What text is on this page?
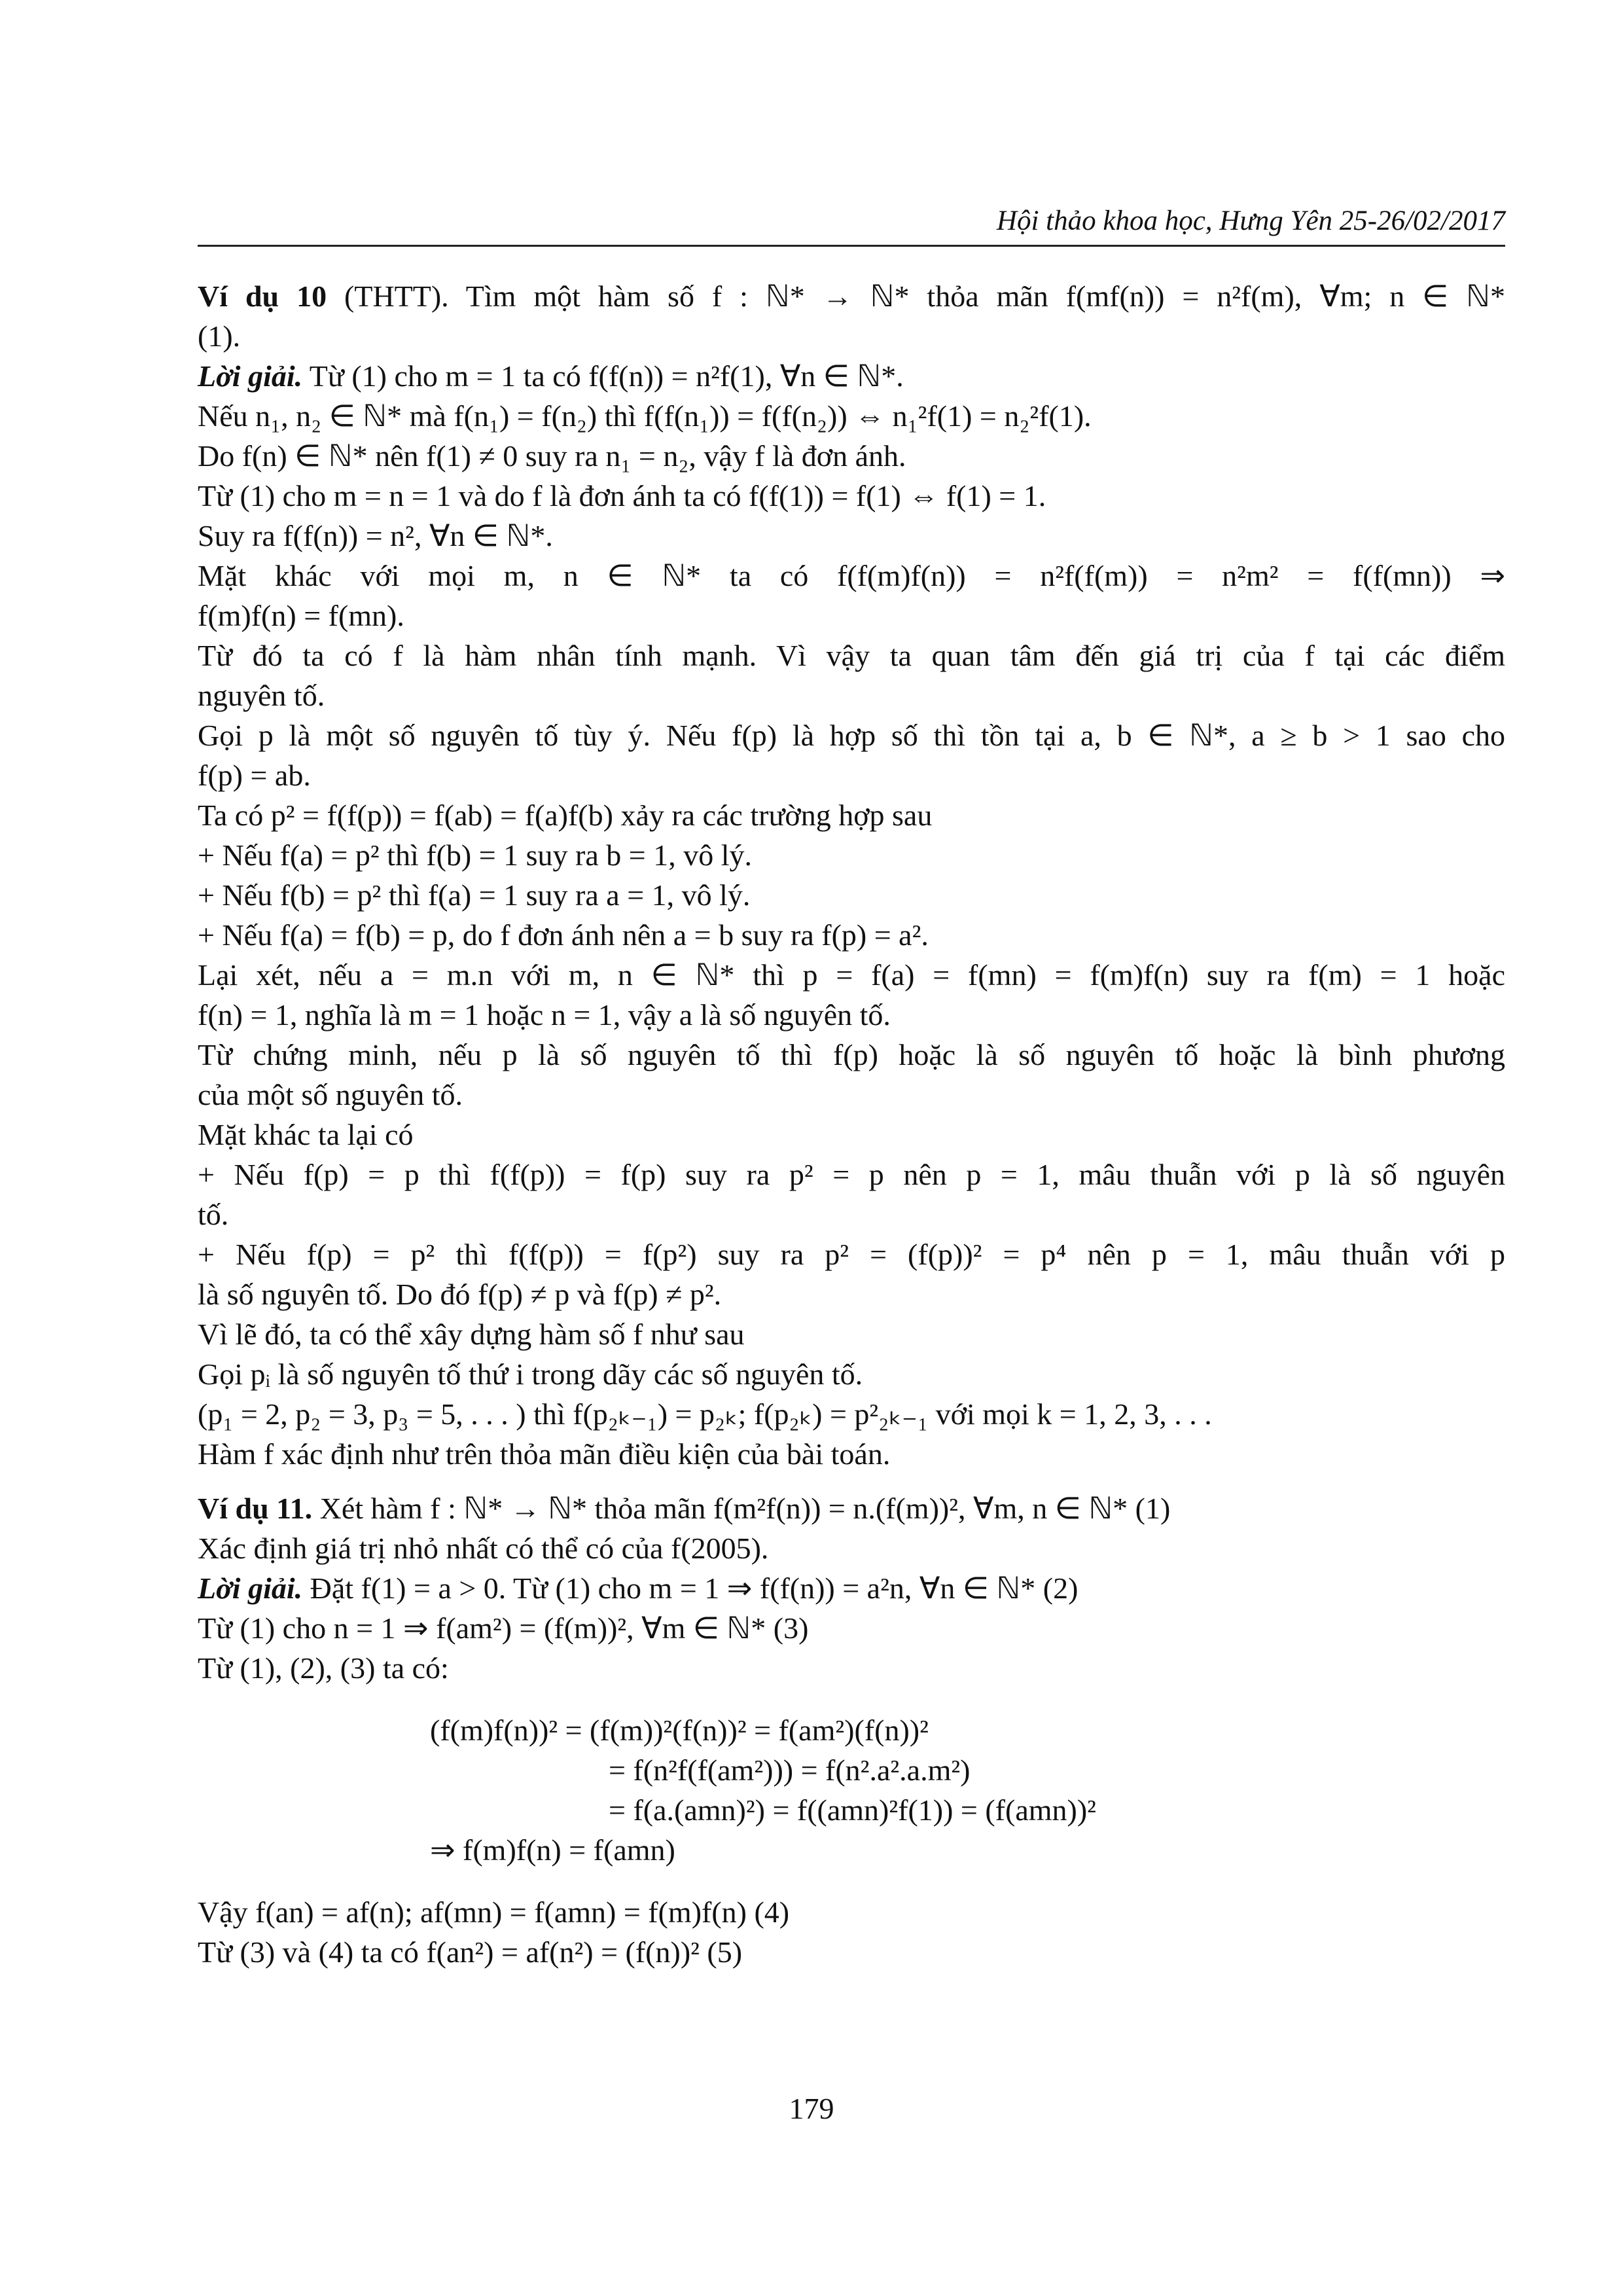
Hội thảo khoa học, Hưng Yên 25-26/02/2017
Ví dụ 10 (THTT). Tìm một hàm số f : ℕ* → ℕ* thỏa mãn f(mf(n)) = n²f(m), ∀m; n ∈ ℕ*
(1).
Lời giải. Từ (1) cho m = 1 ta có f(f(n)) = n²f(1), ∀n ∈ ℕ*.
Nếu n₁, n₂ ∈ ℕ* mà f(n₁) = f(n₂) thì f(f(n₁)) = f(f(n₂)) ⇔ n₁²f(1) = n₂²f(1).
Do f(n) ∈ ℕ* nên f(1) ≠ 0 suy ra n₁ = n₂, vậy f là đơn ánh.
Từ (1) cho m = n = 1 và do f là đơn ánh ta có f(f(1)) = f(1) ⇔ f(1) = 1.
Suy ra f(f(n)) = n², ∀n ∈ ℕ*.
Mặt khác với mọi m, n ∈ ℕ* ta có f(f(m)f(n)) = n²f(f(m)) = n²m² = f(f(mn)) ⇒
f(m)f(n) = f(mn).
Từ đó ta có f là hàm nhân tính mạnh. Vì vậy ta quan tâm đến giá trị của f tại các điểm
nguyên tố.
Gọi p là một số nguyên tố tùy ý. Nếu f(p) là hợp số thì tồn tại a, b ∈ ℕ*, a ≥ b > 1 sao cho
f(p) = ab.
Ta có p² = f(f(p)) = f(ab) = f(a)f(b) xảy ra các trường hợp sau
+ Nếu f(a) = p² thì f(b) = 1 suy ra b = 1, vô lý.
+ Nếu f(b) = p² thì f(a) = 1 suy ra a = 1, vô lý.
+ Nếu f(a) = f(b) = p, do f đơn ánh nên a = b suy ra f(p) = a².
Lại xét, nếu a = m.n với m, n ∈ ℕ* thì p = f(a) = f(mn) = f(m)f(n) suy ra f(m) = 1 hoặc
f(n) = 1, nghĩa là m = 1 hoặc n = 1, vậy a là số nguyên tố.
Từ chứng minh, nếu p là số nguyên tố thì f(p) hoặc là số nguyên tố hoặc là bình phương
của một số nguyên tố.
Mặt khác ta lại có
+ Nếu f(p) = p thì f(f(p)) = f(p) suy ra p² = p nên p = 1, mâu thuẫn với p là số nguyên
tố.
+ Nếu f(p) = p² thì f(f(p)) = f(p²) suy ra p² = (f(p))² = p⁴ nên p = 1, mâu thuẫn với p
là số nguyên tố. Do đó f(p) ≠ p và f(p) ≠ p².
Vì lẽ đó, ta có thể xây dựng hàm số f như sau
Gọi pᵢ là số nguyên tố thứ i trong dãy các số nguyên tố.
(p₁ = 2, p₂ = 3, p₃ = 5, . . . ) thì f(p₂ₖ₋₁) = p₂ₖ; f(p₂ₖ) = p²₂ₖ₋₁ với mọi k = 1, 2, 3, . . .
Hàm f xác định như trên thỏa mãn điều kiện của bài toán.
Ví dụ 11. Xét hàm f : ℕ* → ℕ* thỏa mãn f(m²f(n)) = n.(f(m))², ∀m, n ∈ ℕ* (1)
Xác định giá trị nhỏ nhất có thể có của f(2005).
Lời giải. Đặt f(1) = a > 0. Từ (1) cho m = 1 ⇒ f(f(n)) = a²n, ∀n ∈ ℕ* (2)
Từ (1) cho n = 1 ⇒ f(am²) = (f(m))², ∀m ∈ ℕ* (3)
Từ (1), (2), (3) ta có:
(f(m)f(n))² = (f(m))²(f(n))² = f(am²)(f(n))²
= f(n²f(f(am²))) = f(n².a².a.m²)
= f(a.(amn)²) = f((amn)²f(1)) = (f(amn))²
⇒ f(m)f(n) = f(amn)
Vậy f(an) = af(n); af(mn) = f(amn) = f(m)f(n) (4)
Từ (3) và (4) ta có f(an²) = af(n²) = (f(n))² (5)
179
